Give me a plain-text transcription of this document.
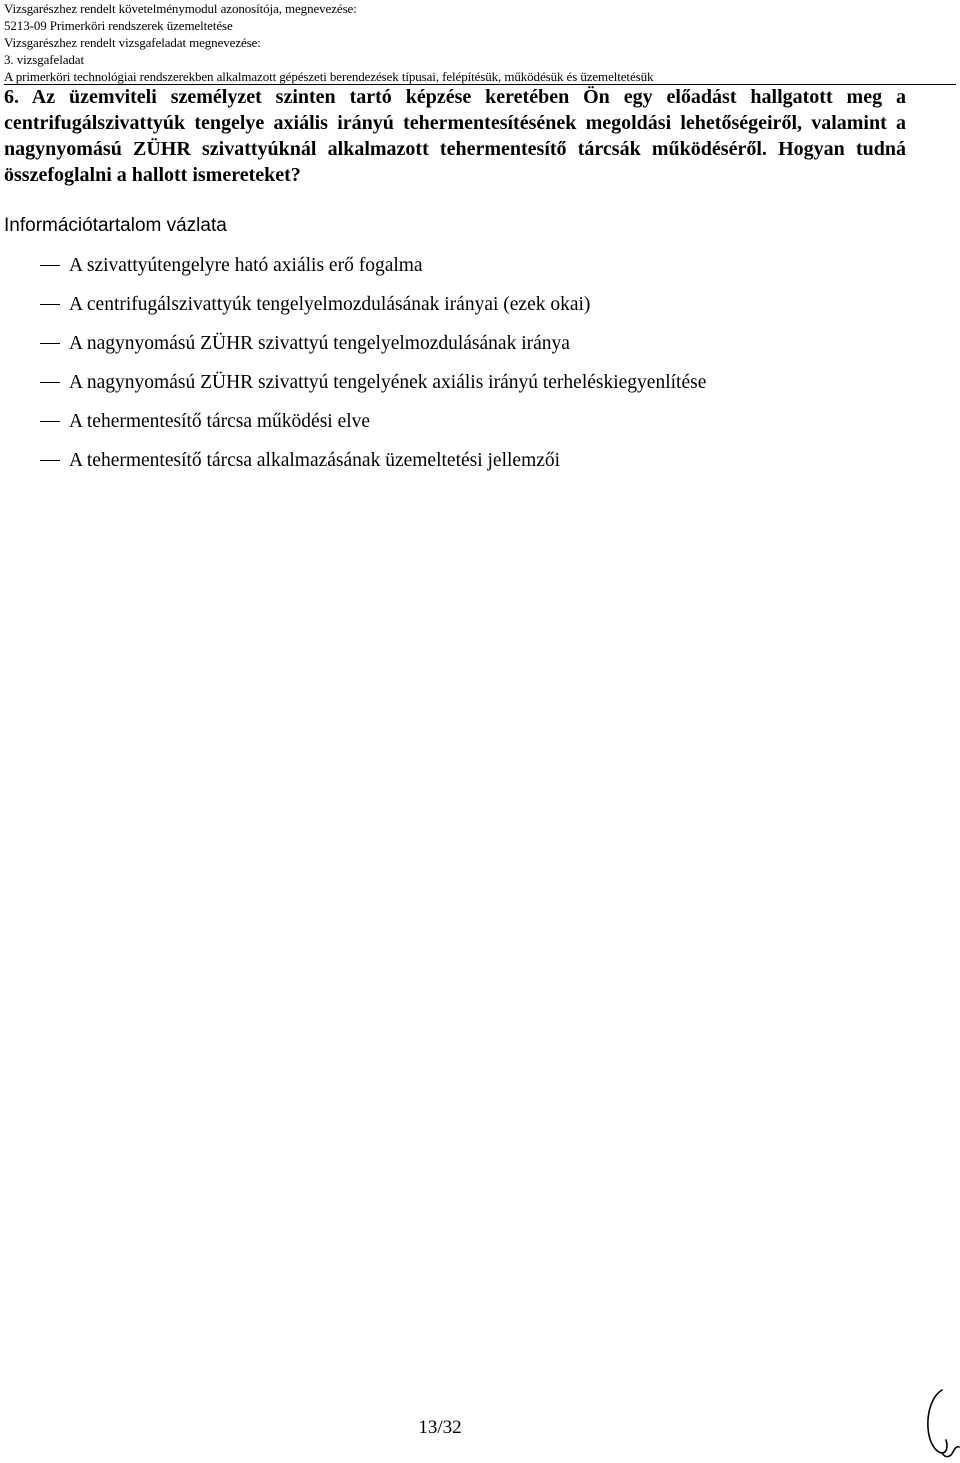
Vizsgarészhez rendelt követelménymodul azonosítója, megnevezése:
5213-09 Primerköri rendszerek üzemeltetése
Vizsgarészhez rendelt vizsgafeladat megnevezése:
3. vizsgafeladat
A primerköri technológiai rendszerekben alkalmazott gépészeti berendezések típusai, felépítésük, működésük és üzemeltetésük
6. Az üzemviteli személyzet szinten tartó képzése keretében Ön egy előadást hallgatott meg a centrifugálszivattyúk tengelye axiális irányú tehermentesítésének megoldási lehetőségeiről, valamint a nagynyomású ZÜHR szivattyúknál alkalmazott tehermentesítő tárcsák működéséről. Hogyan tudná összefoglalni a hallott ismereteket?
Információtartalom vázlata
A szivattyútengelyre ható axiális erő fogalma
A centrifugálszivattyúk tengelyelmozdulásának irányai (ezek okai)
A nagynyomású ZÜHR szivattyú tengelyelmozdulásának iránya
A nagynyomású ZÜHR szivattyú tengelyének axiális irányú terheléskiegyenlítése
A tehermentesítő tárcsa működési elve
A tehermentesítő tárcsa alkalmazásának üzemeltetési jellemzői
13/32
